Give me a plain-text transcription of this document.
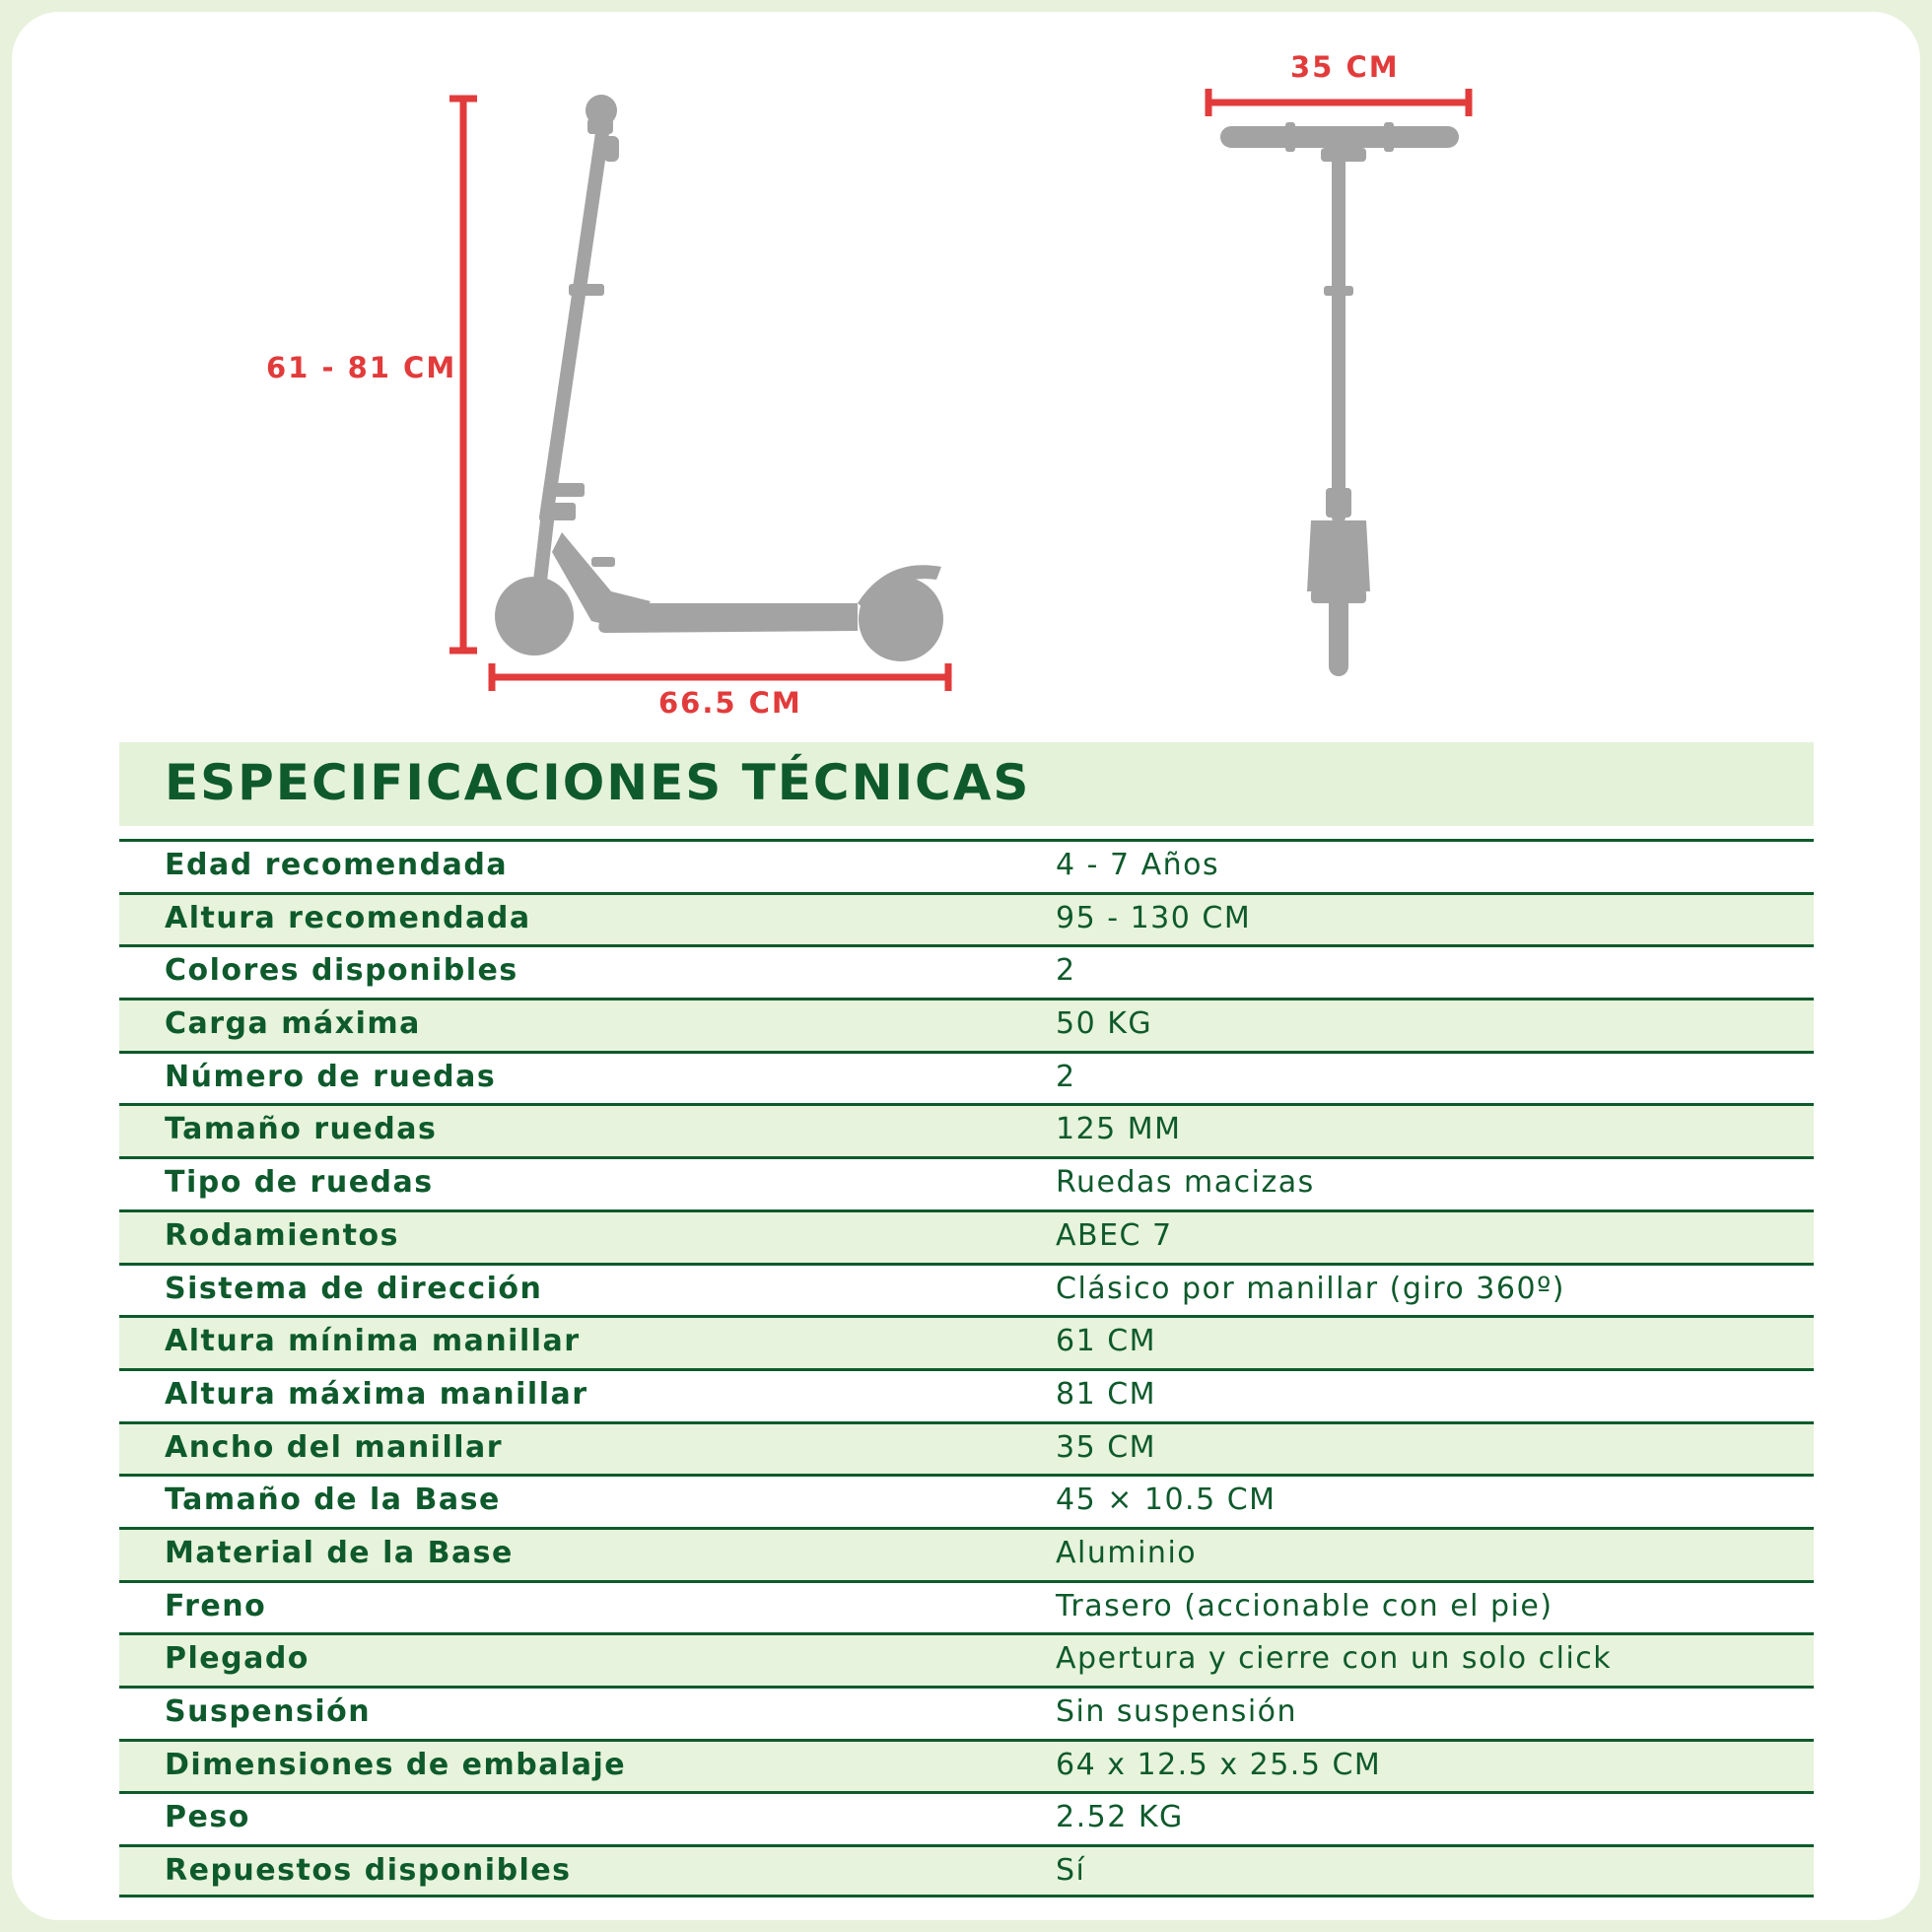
61 - 81 CM
66.5 CM
35 CM
ESPECIFICACIONES TÉCNICAS
Edad recomendada	4 - 7 Años
Altura recomendada	95 - 130 CM
Colores disponibles	2
Carga máxima	50 KG
Número de ruedas	2
Tamaño ruedas	125 MM
Tipo de ruedas	Ruedas macizas
Rodamientos	ABEC 7
Sistema de dirección	Clásico por manillar (giro 360º)
Altura mínima manillar	61 CM
Altura máxima manillar	81 CM
Ancho del manillar	35 CM
Tamaño de la Base	45 × 10.5 CM
Material de la Base	Aluminio
Freno	Trasero (accionable con el pie)
Plegado	Apertura y cierre con un solo click
Suspensión	Sin suspensión
Dimensiones de embalaje	64 x 12.5 x 25.5 CM
Peso	2.52 KG
Repuestos disponibles	Sí
